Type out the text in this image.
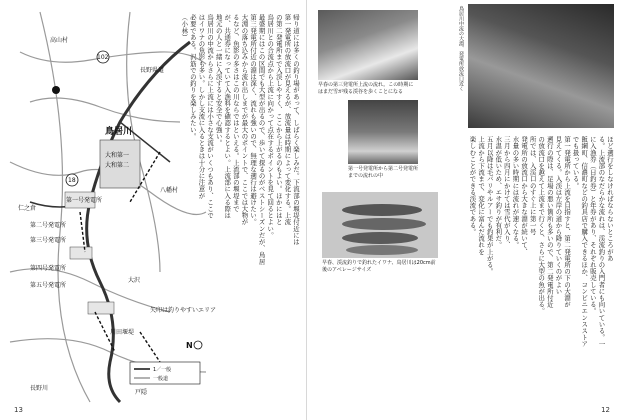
高山村
102
長野県道
鳥居川
八幡村
大和第一
大和第二
第一号発電所
第二号発電所
第三号発電所
第四号発電所
第五号発電所
大沢
川田堰堤
長野川
18
仁之倉
戸隠
矢印は釣りやすいエリア
N
1／一般
一般道
帰り道には多くの釣り場があって、しばらく楽しみだ。下流部の堰堤付近には
第一発電所の放流口が見えるが、放流量は時期によって変化する。上流
の第二発電所まで入渓しやすく、ここから上がるのもよい。ほかにはと
鳥居川との合流点から上流に向かって点在するポイントを見て回るとよい。
最盛期にはこの区間でも大型が出るので、歩いて探るのがベストシーズンだが、鳥居
第三発電所付近の淵は深く、流れも強いので、無理な遡行は避けたい。
大淵の落ち込みから流れ出しまでが最大のポイントで、ここでは大物が
るなど、魚影の多さはこの川ならではといえる。上流部の堰堤まで
が、共通券になっていて入漁料を確認するとよい。上流部に入る際は
地元の人と一緒に入渓すると安全で心強い。
鳥居川の中流からさらに上流には小さな支流がいくつもあり、ここで
はイワナの魚影も多い。しかし支流に入るときは十分に注意が
必要である。沢筋での釣りを楽しみたい。
（小林）
13
早春の第三発電所上流の流れ。この時期にはまだ雪が残る渓谷を歩くことになる
第一号発電所から第二号発電所までの流れの中
早春、渓流釣りで釣れたイワナ、鳥居川は20cm前後のアベレージサイズ
鳥居川中流の大淵、発電所放流口近く
ほど遡行をしなければならないところがあ
る。上流部のなだらかな流れは、渓流釣りの入門者にも向いている。一
に入漁券（日釣券）と年券があり、それぞれ販売している。
飯綱町、信濃町などの釣具店で購入できるほか、コンビニエンスストア
でも扱っている。
第一発電所から上流を目指すと、第二発電所の下の大淵が
見えてくる。入渓は左岸の道から降りていくのがよい
遡行の際は、足場の悪い箇所も多いので、第二発電所付近
の放流口を越えて上流まで行くと、さらに大型の魚が出る。
所では、入渓口のすぐ上に第一号
発電所の放流口から大きな淵が続いて、
水量の多い時期には流れが速くなる。
三月から四月にかけては雪代が入り、
水温が低いため、エサ釣りが有利だ。
五月以降は毛バリやルアーでも釣果が上がる。
上流から下流まで、変化に富んだ流れを
楽しむことができる渓流である。
12
